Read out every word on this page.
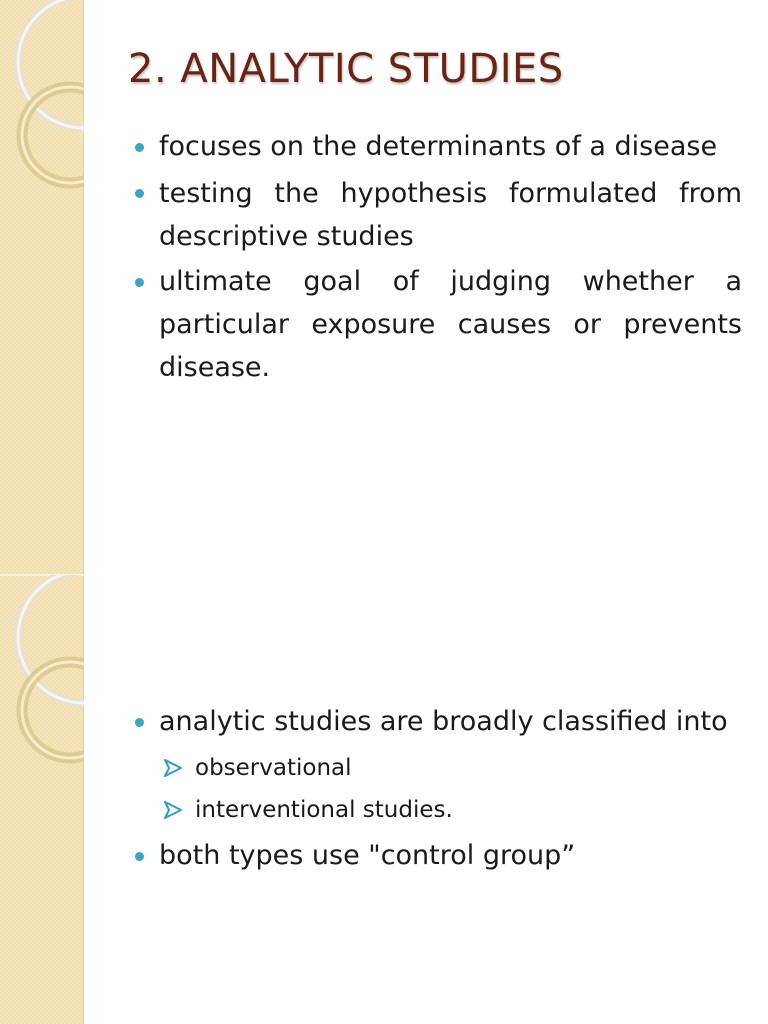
2. ANALYTIC STUDIES
focuses on the determinants of a disease
testing the hypothesis formulated from descriptive studies
ultimate goal of judging whether a particular exposure causes or prevents disease.
analytic studies are broadly classified into
observational
interventional studies.
both types use "control group”
